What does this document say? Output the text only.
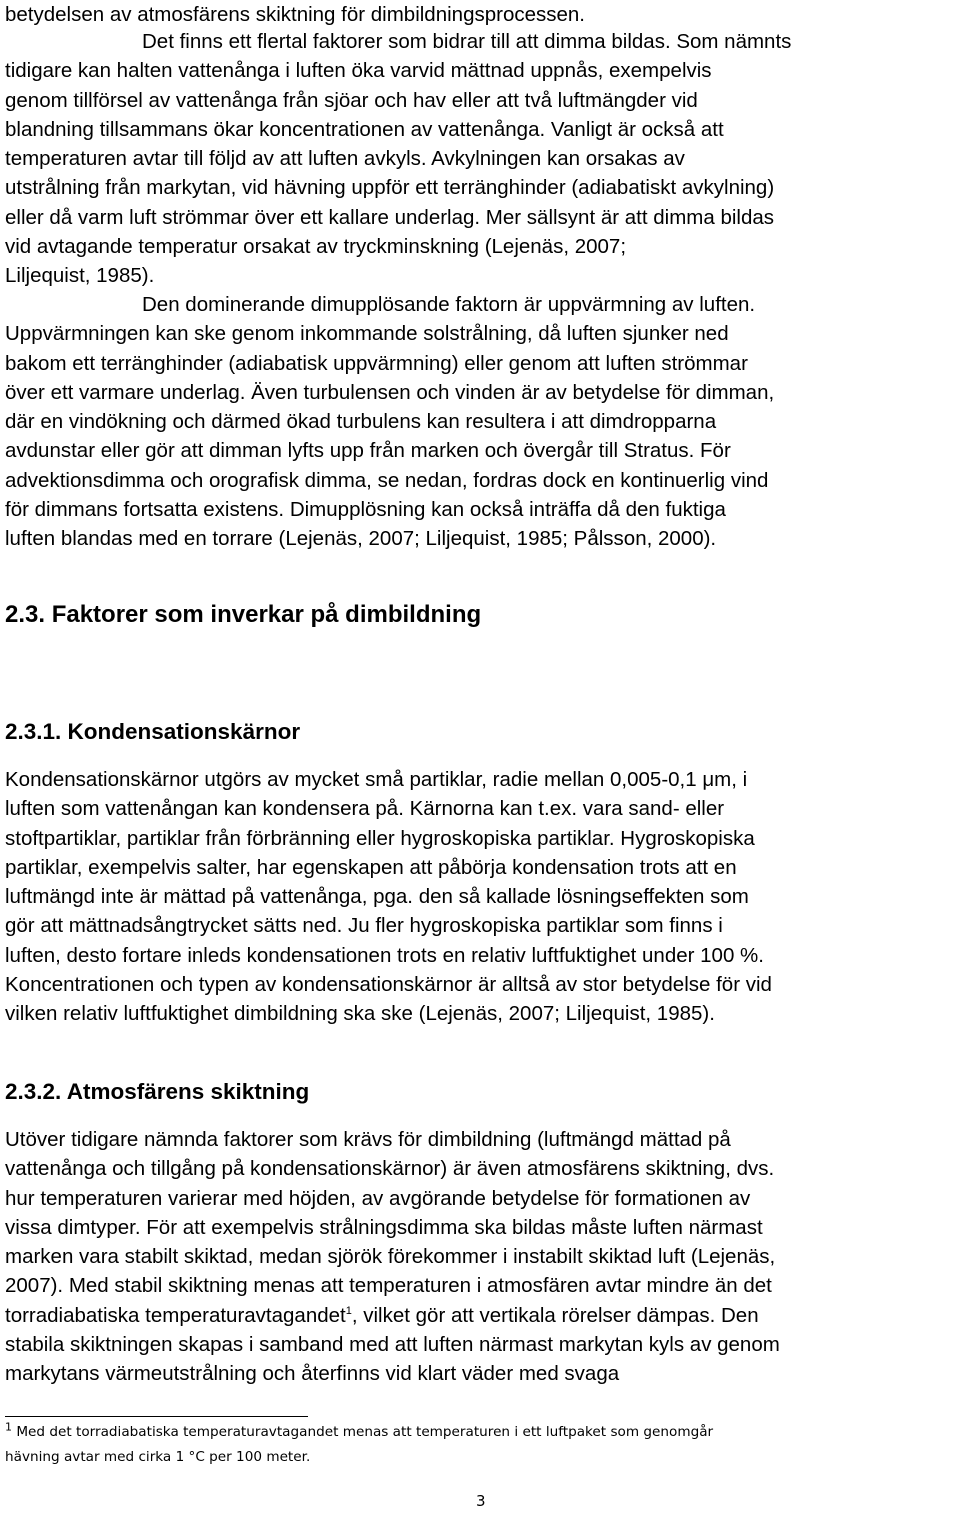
betydelsen av atmosfärens skiktning för dimbildningsprocessen.
Det finns ett flertal faktorer som bidrar till att dimma bildas. Som nämnts
tidigare kan halten vattenånga i luften öka varvid mättnad uppnås, exempelvis
genom tillförsel av vattenånga från sjöar och hav eller att två luftmängder vid
blandning tillsammans ökar koncentrationen av vattenånga. Vanligt är också att
temperaturen avtar till följd av att luften avkyls. Avkylningen kan orsakas av
utstrålning från markytan, vid hävning uppför ett terränghinder (adiabatiskt avkylning)
eller då varm luft strömmar över ett kallare underlag. Mer sällsynt är att dimma bildas
vid avtagande temperatur orsakat av tryckminskning (Lejenäs, 2007;
Liljequist, 1985).
Den dominerande dimupplösande faktorn är uppvärmning av luften.
Uppvärmningen kan ske genom inkommande solstrålning, då luften sjunker ned
bakom ett terränghinder (adiabatisk uppvärmning) eller genom att luften strömmar
över ett varmare underlag. Även turbulensen och vinden är av betydelse för dimman,
där en vindökning och därmed ökad turbulens kan resultera i att dimdropparna
avdunstar eller gör att dimman lyfts upp från marken och övergår till Stratus. För
advektionsdimma och orografisk dimma, se nedan, fordras dock en kontinuerlig vind
för dimmans fortsatta existens. Dimupplösning kan också inträffa då den fuktiga
luften blandas med en torrare (Lejenäs, 2007; Liljequist, 1985; Pålsson, 2000).
2.3. Faktorer som inverkar på dimbildning
2.3.1. Kondensationskärnor
Kondensationskärnor utgörs av mycket små partiklar, radie mellan 0,005-0,1 μm, i
luften som vattenångan kan kondensera på. Kärnorna kan t.ex. vara sand- eller
stoftpartiklar, partiklar från förbränning eller hygroskopiska partiklar. Hygroskopiska
partiklar, exempelvis salter, har egenskapen att påbörja kondensation trots att en
luftmängd inte är mättad på vattenånga, pga. den så kallade lösningseffekten som
gör att mättnadsångtrycket sätts ned. Ju fler hygroskopiska partiklar som finns i
luften, desto fortare inleds kondensationen trots en relativ luftfuktighet under 100 %.
Koncentrationen och typen av kondensationskärnor är alltså av stor betydelse för vid
vilken relativ luftfuktighet dimbildning ska ske (Lejenäs, 2007; Liljequist, 1985).
2.3.2. Atmosfärens skiktning
Utöver tidigare nämnda faktorer som krävs för dimbildning (luftmängd mättad på
vattenånga och tillgång på kondensationskärnor) är även atmosfärens skiktning, dvs.
hur temperaturen varierar med höjden, av avgörande betydelse för formationen av
vissa dimtyper. För att exempelvis strålningsdimma ska bildas måste luften närmast
marken vara stabilt skiktad, medan sjörök förekommer i instabilt skiktad luft (Lejenäs,
2007). Med stabil skiktning menas att temperaturen i atmosfären avtar mindre än det
torradiabatiska temperaturavtagandet$^1$, vilket gör att vertikala rörelser dämpas. Den
stabila skiktningen skapas i samband med att luften närmast markytan kyls av genom
markytans värmeutstrålning och återfinns vid klart väder med svaga
$^1$ Med det torradiabatiska temperaturavtagandet menas att temperaturen i ett luftpaket som genomgår
hävning avtar med cirka 1 °C per 100 meter.
3
